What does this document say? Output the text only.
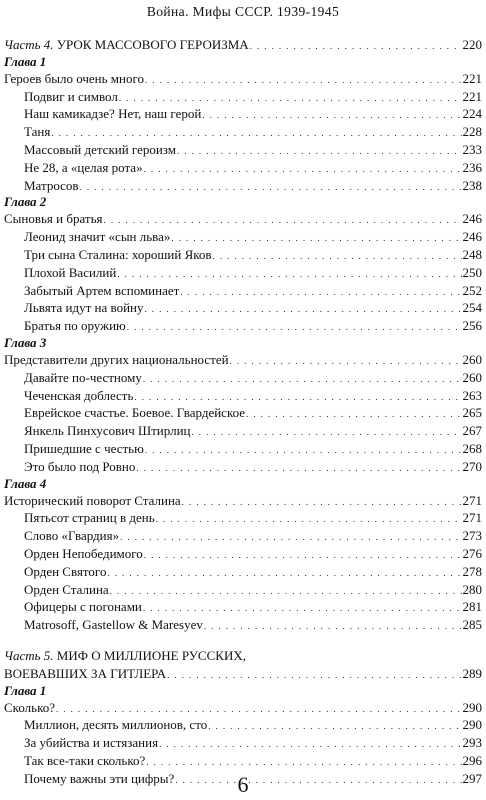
Война. Мифы СССР. 1939-1945
Часть 4. УРОК МАССОВОГО ГЕРОИЗМА . . .	220
Глава 1
Героев было очень много . . .	221
Подвиг и символ . . .	221
Наш камикадзе? Нет, наш герой . . .	224
Таня . . .	228
Массовый детский героизм . . .	233
Не 28, а «целая рота» . . .	236
Матросов . . .	238
Глава 2
Сыновья и братья . . .	246
Леонид значит «сын льва» . . .	246
Три сына Сталина: хороший Яков . . .	248
Плохой Василий . . .	250
Забытый Артем вспоминает . . .	252
Львята идут на войну . . .	254
Братья по оружию . . .	256
Глава 3
Представители других национальностей . . .	260
Давайте по-честному . . .	260
Чеченская доблесть . . .	263
Еврейское счастье. Боевое. Гвардейское . . .	265
Янкель Пинхусович Штирлиц . . .	267
Пришедшие с честью . . .	268
Это было под Ровно . . .	270
Глава 4
Исторический поворот Сталина . . .	271
Пятьсот страниц в день . . .	271
Слово «Гвардия» . . .	273
Орден Непобедимого . . .	276
Орден Святого . . .	278
Орден Сталина . . .	280
Офицеры с погонами . . .	281
Matrosoff, Gastellow & Maresyev . . .	285
Часть 5. МИФ О МИЛЛИОНЕ РУССКИХ,
ВОЕВАВШИХ ЗА ГИТЛЕРА . . .	289
Глава 1
Сколько? . . .	290
Миллион, десять миллионов, сто . . .	290
За убийства и истязания . . .	293
Так все-таки сколько? . . .	296
Почему важны эти цифры? . . .	297
6
